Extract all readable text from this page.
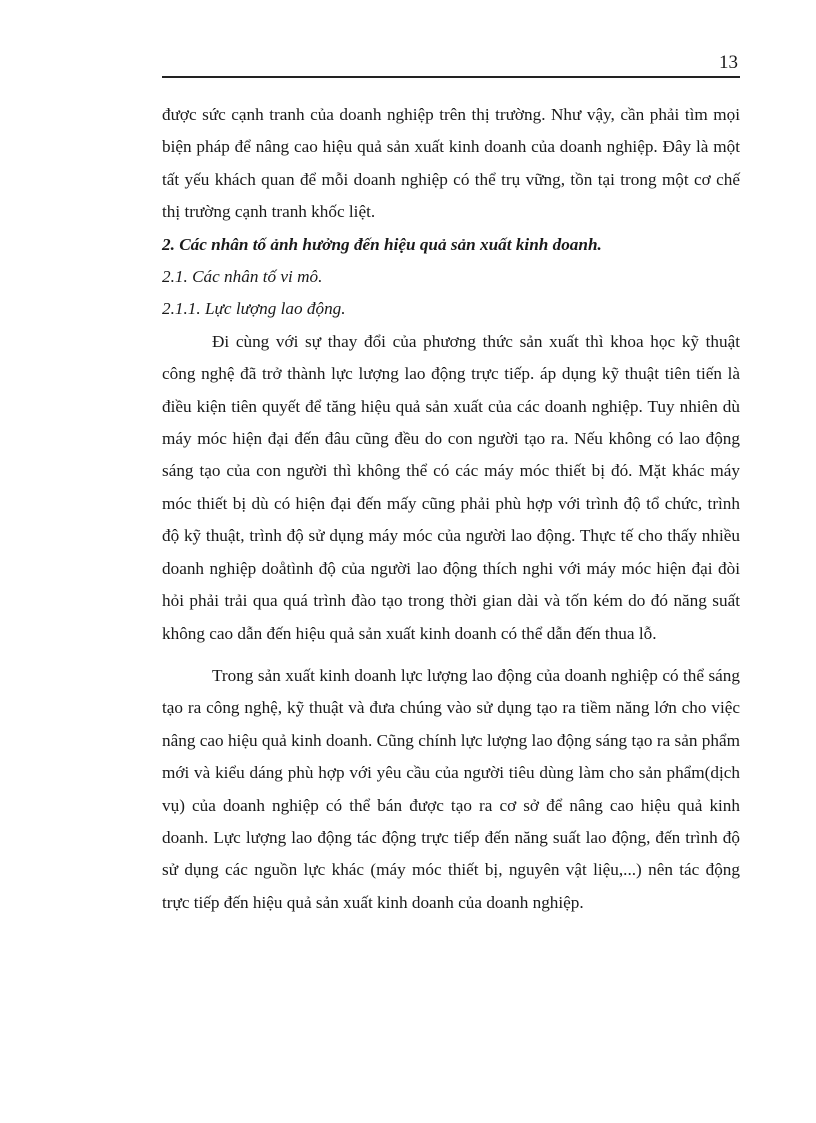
13

được sức cạnh tranh của doanh nghiệp trên thị trường. Như vậy, cần phải tìm mọi biện pháp để nâng cao hiệu quả sản xuất kinh doanh của doanh nghiệp. Đây là một tất yếu khách quan để mỗi doanh nghiệp có thể trụ vững, tồn tại trong một cơ chế thị trường cạnh tranh khốc liệt.

2. Các nhân tố ảnh hưởng đến hiệu quả sản xuất kinh doanh.

2.1. Các nhân tố vi mô.

2.1.1. Lực lượng lao động.

Đi cùng với sự thay đổi của phương thức sản xuất thì khoa học kỹ thuật công nghệ đã trở thành lực lượng lao động trực tiếp. áp dụng kỹ thuật tiên tiến là điều kiện tiên quyết để tăng hiệu quả sản xuất của các doanh nghiệp. Tuy nhiên dù máy móc hiện đại đến đâu cũng đều do con người tạo ra. Nếu không có lao động sáng tạo của con người thì không thể có các máy móc thiết bị đó. Mặt khác máy móc thiết bị dù có hiện đại đến mấy cũng phải phù hợp với trình độ tổ chức, trình độ kỹ thuật, trình độ sử dụng máy móc của người lao động. Thực tế cho thấy nhiều doanh nghiệp doåtình độ của người lao động thích nghi với máy móc hiện đại đòi hỏi phải trải qua quá trình đào tạo trong thời gian dài và tốn kém do đó năng suất không cao dẫn đến hiệu quả sản xuất kinh doanh có thể dẫn đến thua lỗ.

Trong sản xuất kinh doanh lực lượng lao động của doanh nghiệp có thể sáng tạo ra công nghệ, kỹ thuật và đưa chúng vào sử dụng tạo ra tiềm năng lớn cho việc nâng cao hiệu quả kinh doanh. Cũng chính lực lượng lao động sáng tạo ra sản phẩm mới và kiểu dáng phù hợp với yêu cầu của người tiêu dùng làm cho sản phẩm(dịch vụ) của doanh nghiệp có thể bán được tạo ra cơ sở để nâng cao hiệu quả kinh doanh. Lực lượng lao động tác động trực tiếp đến năng suất lao động, đến trình độ sử dụng các nguồn lực khác (máy móc thiết bị, nguyên vật liệu,...) nên tác động trực tiếp đến hiệu quả sản xuất kinh doanh của doanh nghiệp.
